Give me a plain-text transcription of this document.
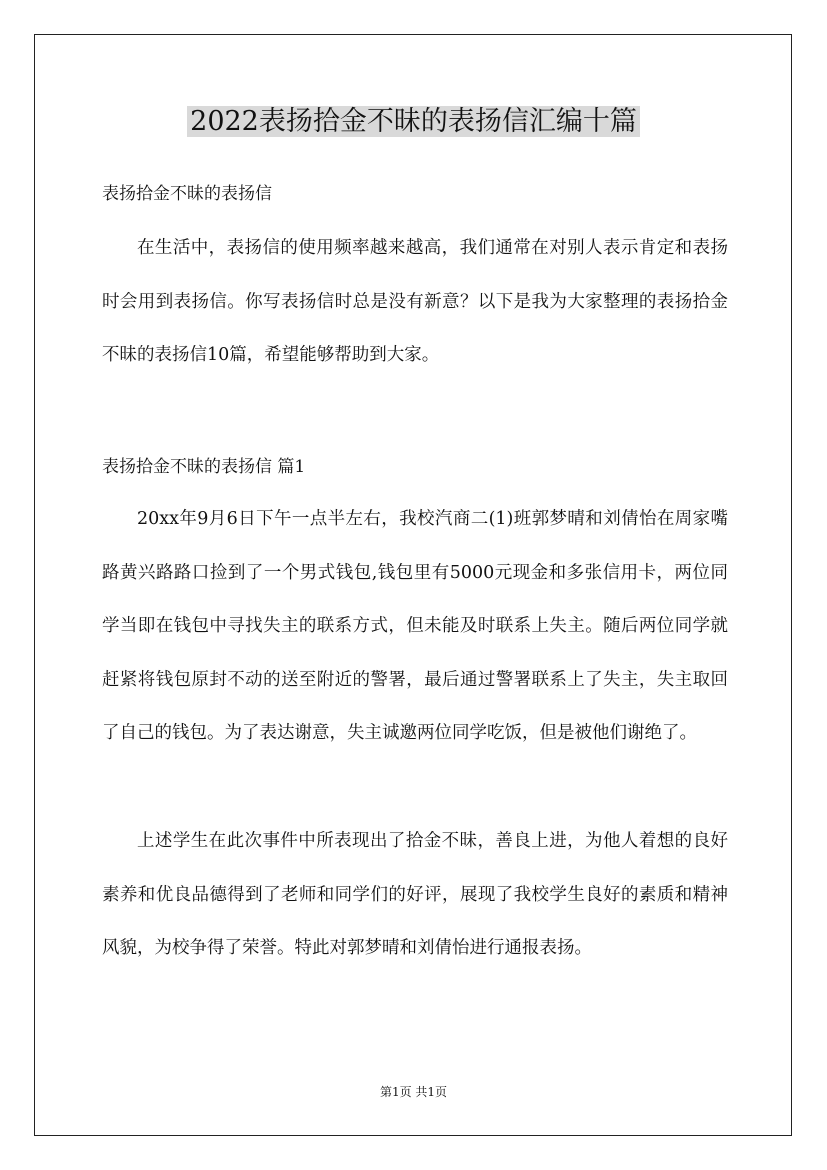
2022表扬拾金不昧的表扬信汇编十篇
表扬拾金不昧的表扬信

在生活中，表扬信的使用频率越来越高，我们通常在对别人表示肯定和表扬时会用到表扬信。你写表扬信时总是没有新意？以下是我为大家整理的表扬拾金不昧的表扬信10篇，希望能够帮助到大家。

表扬拾金不昧的表扬信 篇1

20xx年9月6日下午一点半左右，我校汽商二(1)班郭梦晴和刘倩怡在周家嘴路黄兴路路口捡到了一个男式钱包,钱包里有5000元现金和多张信用卡，两位同学当即在钱包中寻找失主的联系方式，但未能及时联系上失主。随后两位同学就赶紧将钱包原封不动的送至附近的警署，最后通过警署联系上了失主，失主取回了自己的钱包。为了表达谢意，失主诚邀两位同学吃饭，但是被他们谢绝了。

上述学生在此次事件中所表现出了拾金不昧，善良上进，为他人着想的良好素养和优良品德得到了老师和同学们的好评，展现了我校学生良好的素质和精神风貌，为校争得了荣誉。特此对郭梦晴和刘倩怡进行通报表扬。

第1页 共1页
